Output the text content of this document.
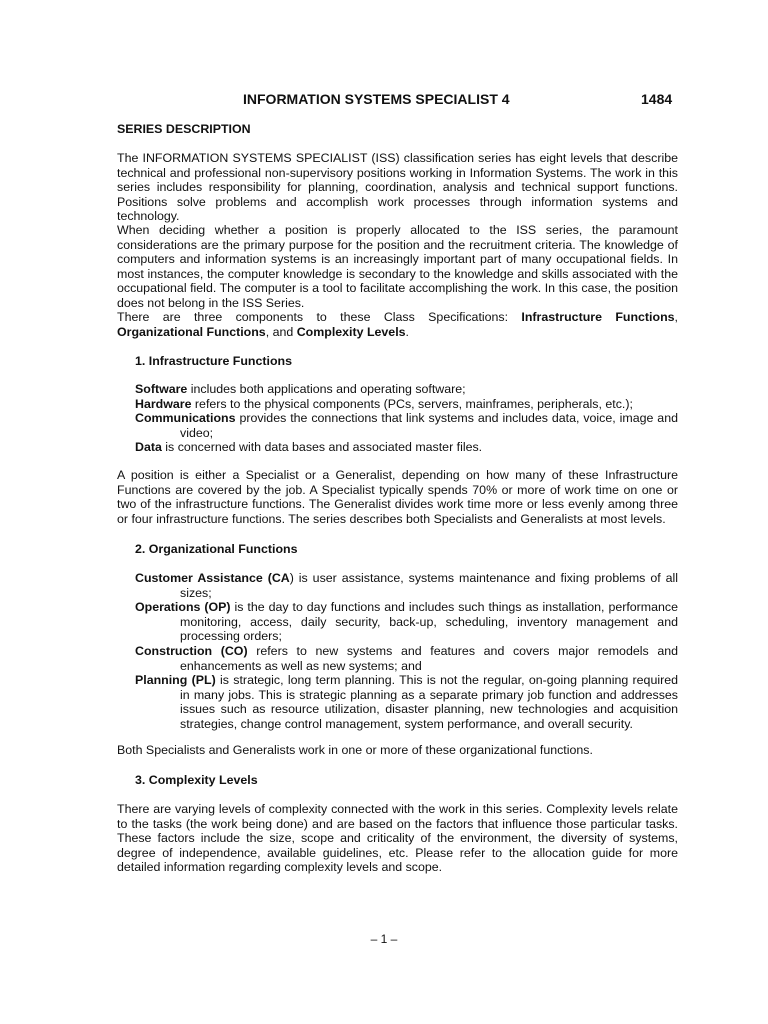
INFORMATION SYSTEMS SPECIALIST 4	1484
SERIES DESCRIPTION

The INFORMATION SYSTEMS SPECIALIST (ISS) classification series has eight levels that describe technical and professional non-supervisory positions working in Information Systems. The work in this series includes responsibility for planning, coordination, analysis and technical support functions. Positions solve problems and accomplish work processes through information systems and technology.

When deciding whether a position is properly allocated to the ISS series, the paramount considerations are the primary purpose for the position and the recruitment criteria. The knowledge of computers and information systems is an increasingly important part of many occupational fields. In most instances, the computer knowledge is secondary to the knowledge and skills associated with the occupational field. The computer is a tool to facilitate accomplishing the work. In this case, the position does not belong in the ISS Series.

There are three components to these Class Specifications: Infrastructure Functions, Organizational Functions, and Complexity Levels.

1. Infrastructure Functions

Software includes both applications and operating software;

Hardware refers to the physical components (PCs, servers, mainframes, peripherals, etc.);

Communications provides the connections that link systems and includes data, voice, image and video;

Data is concerned with data bases and associated master files.

A position is either a Specialist or a Generalist, depending on how many of these Infrastructure Functions are covered by the job. A Specialist typically spends 70% or more of work time on one or two of the infrastructure functions. The Generalist divides work time more or less evenly among three or four infrastructure functions. The series describes both Specialists and Generalists at most levels.

2. Organizational Functions

Customer Assistance (CA) is user assistance, systems maintenance and fixing problems of all sizes;

Operations (OP) is the day to day functions and includes such things as installation, performance monitoring, access, daily security, back-up, scheduling, inventory management and processing orders;

Construction (CO) refers to new systems and features and covers major remodels and enhancements as well as new systems; and

Planning (PL) is strategic, long term planning. This is not the regular, on-going planning required in many jobs. This is strategic planning as a separate primary job function and addresses issues such as resource utilization, disaster planning, new technologies and acquisition strategies, change control management, system performance, and overall security.

Both Specialists and Generalists work in one or more of these organizational functions.

3. Complexity Levels

There are varying levels of complexity connected with the work in this series. Complexity levels relate to the tasks (the work being done) and are based on the factors that influence those particular tasks. These factors include the size, scope and criticality of the environment, the diversity of systems, degree of independence, available guidelines, etc. Please refer to the allocation guide for more detailed information regarding complexity levels and scope.

– 1 –
